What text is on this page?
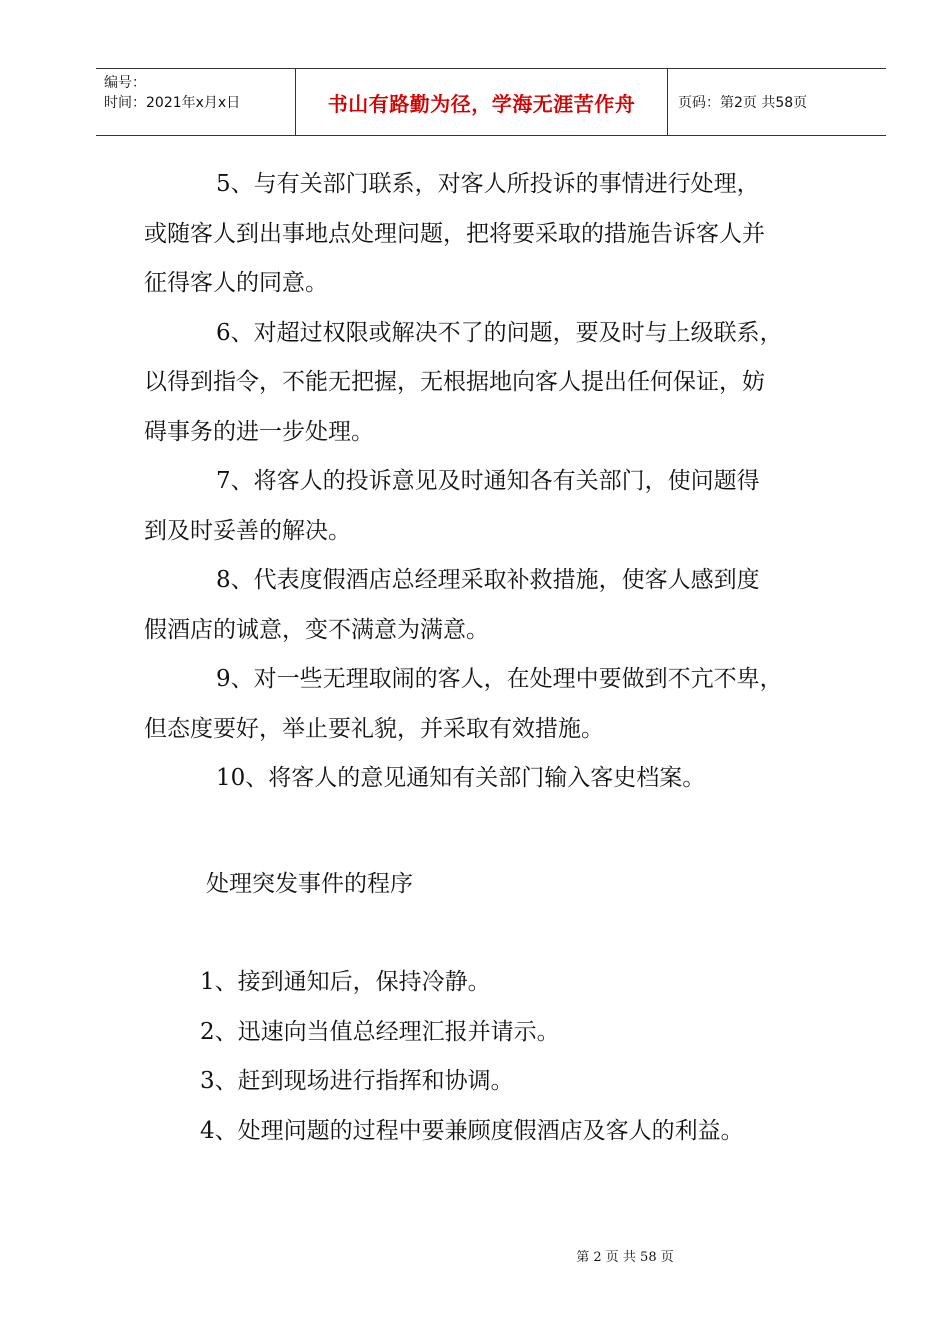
编号：
时间：2021年x月x日	书山有路勤为径，学海无涯苦作舟	页码：第2页 共58页

5、与有关部门联系，对客人所投诉的事情进行处理，

或随客人到出事地点处理问题，把将要采取的措施告诉客人并

征得客人的同意。

6、对超过权限或解决不了的问题，要及时与上级联系，

以得到指令，不能无把握，无根据地向客人提出任何保证，妨

碍事务的进一步处理。

7、将客人的投诉意见及时通知各有关部门，使问题得

到及时妥善的解决。

8、代表度假酒店总经理采取补救措施，使客人感到度

假酒店的诚意，变不满意为满意。

9、对一些无理取闹的客人，在处理中要做到不亢不卑，

但态度要好，举止要礼貌，并采取有效措施。

10、将客人的意见通知有关部门输入客史档案。

处理突发事件的程序
1、接到通知后，保持冷静。
2、迅速向当值总经理汇报并请示。
3、赶到现场进行指挥和协调。
4、处理问题的过程中要兼顾度假酒店及客人的利益。
第 2 页 共 58 页
